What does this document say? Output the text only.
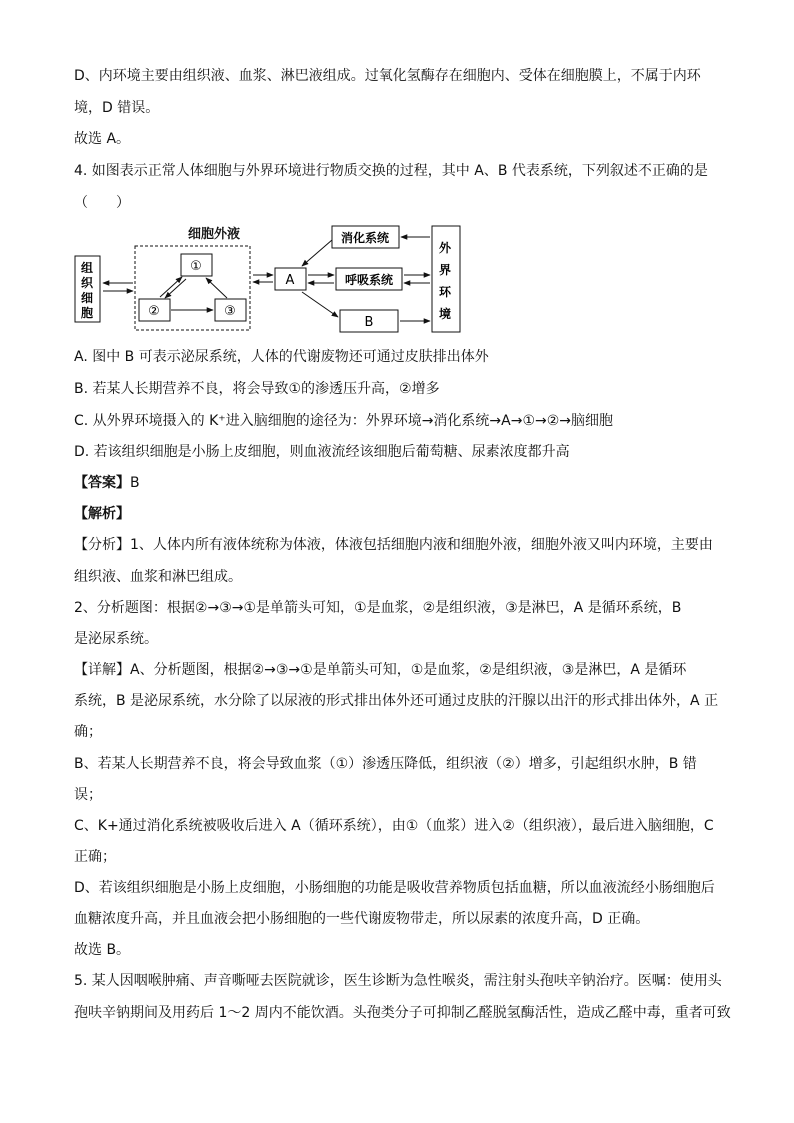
D、内环境主要由组织液、血浆、淋巴液组成。过氧化氢酶存在细胞内、受体在细胞膜上，不属于内环
境，D 错误。
故选 A。
4. 如图表示正常人体细胞与外界环境进行物质交换的过程，其中 A、B 代表系统，下列叙述不正确的是
（　　）
细胞外液
组
织
细
胞
①
②	③
A
消化系统
呼吸系统
B
外
界
环
境
A. 图中 B 可表示泌尿系统，人体的代谢废物还可通过皮肤排出体外
B. 若某人长期营养不良，将会导致①的渗透压升高，②增多
C. 从外界环境摄入的 K⁺进入脑细胞的途径为：外界环境→消化系统→A→①→②→脑细胞
D. 若该组织细胞是小肠上皮细胞，则血液流经该细胞后葡萄糖、尿素浓度都升高
【答案】B
【解析】
【分析】1、人体内所有液体统称为体液，体液包括细胞内液和细胞外液，细胞外液又叫内环境，主要由
组织液、血浆和淋巴组成。
2、分析题图：根据②→③→①是单箭头可知，①是血浆，②是组织液，③是淋巴，A 是循环系统，B
是泌尿系统。
【详解】A、分析题图，根据②→③→①是单箭头可知，①是血浆，②是组织液，③是淋巴，A 是循环
系统，B 是泌尿系统，水分除了以尿液的形式排出体外还可通过皮肤的汗腺以出汗的形式排出体外，A 正
确；
B、若某人长期营养不良，将会导致血浆（①）渗透压降低，组织液（②）增多，引起组织水肿，B 错
误；
C、K+通过消化系统被吸收后进入 A（循环系统），由①（血浆）进入②（组织液），最后进入脑细胞，C
正确；
D、若该组织细胞是小肠上皮细胞，小肠细胞的功能是吸收营养物质包括血糖，所以血液流经小肠细胞后
血糖浓度升高，并且血液会把小肠细胞的一些代谢废物带走，所以尿素的浓度升高，D 正确。
故选 B。
5. 某人因咽喉肿痛、声音嘶哑去医院就诊，医生诊断为急性喉炎，需注射头孢呋辛钠治疗。医嘱：使用头
孢呋辛钠期间及用药后 1～2 周内不能饮酒。头孢类分子可抑制乙醛脱氢酶活性，造成乙醛中毒，重者可致
